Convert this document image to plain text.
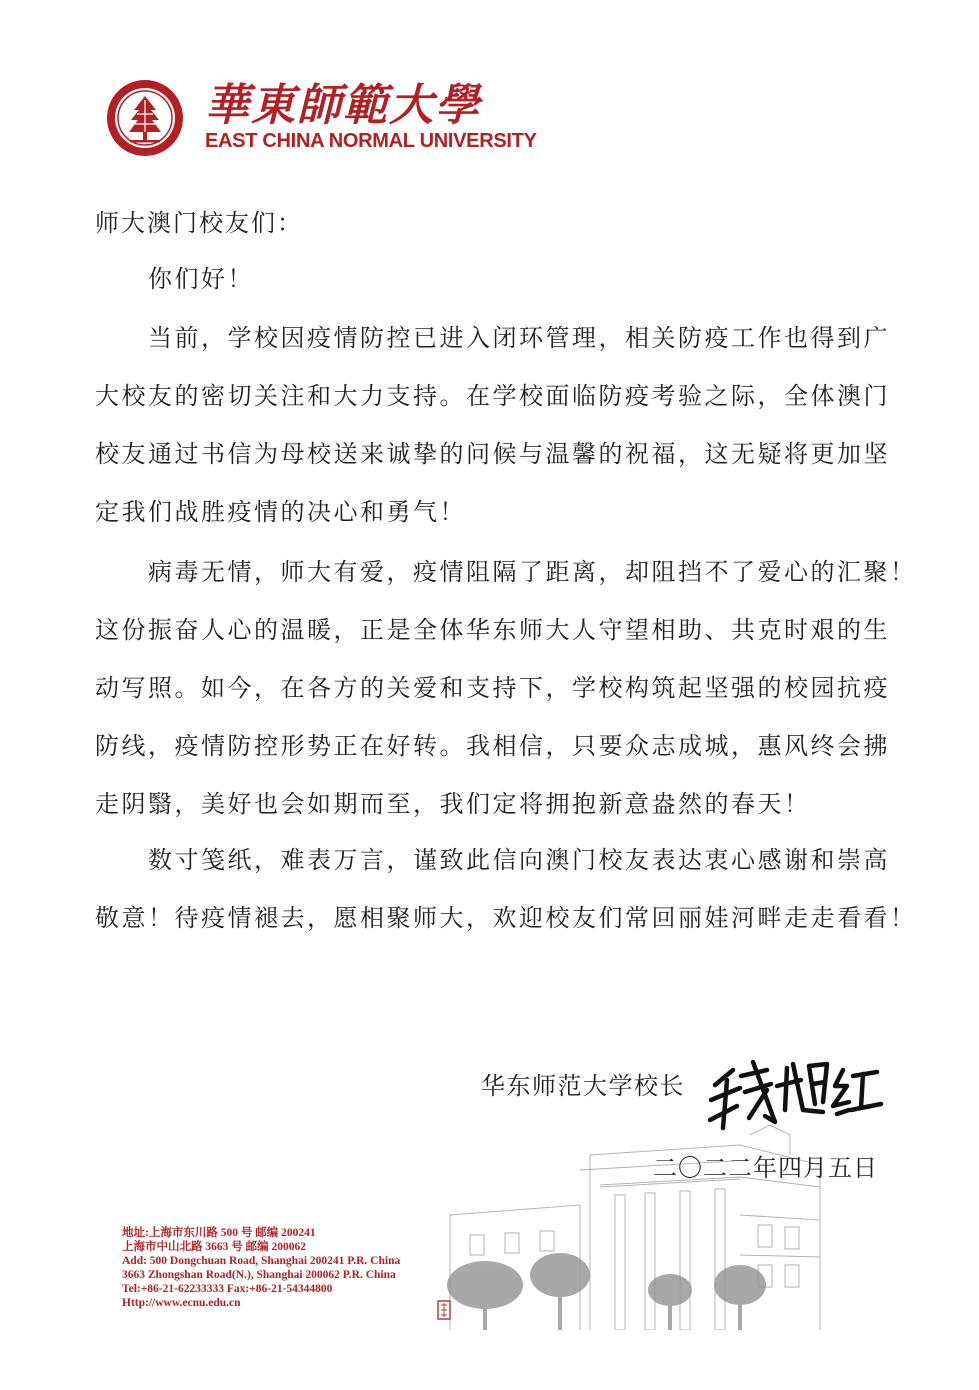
華東師範大學
EAST CHINA NORMAL UNIVERSITY
师大澳门校友们：
你们好！
当前，学校因疫情防控已进入闭环管理，相关防疫工作也得到广
大校友的密切关注和大力支持。在学校面临防疫考验之际，全体澳门
校友通过书信为母校送来诚挚的问候与温馨的祝福，这无疑将更加坚
定我们战胜疫情的决心和勇气！
病毒无情，师大有爱，疫情阻隔了距离，却阻挡不了爱心的汇聚！
这份振奋人心的温暖，正是全体华东师大人守望相助、共克时艰的生
动写照。如今，在各方的关爱和支持下，学校构筑起坚强的校园抗疫
防线，疫情防控形势正在好转。我相信，只要众志成城，惠风终会拂
走阴翳，美好也会如期而至，我们定将拥抱新意盎然的春天！
数寸笺纸，难表万言，谨致此信向澳门校友表达衷心感谢和崇高
敬意！待疫情褪去，愿相聚师大，欢迎校友们常回丽娃河畔走走看看！
华东师范大学校长
二〇二二年四月五日
地址:上海市东川路 500 号 邮编 200241
上海市中山北路 3663 号 邮编 200062
Add: 500 Dongchuan Road, Shanghai 200241 P.R. China
3663 Zhongshan Road(N.), Shanghai 200062 P.R. China
Tel:+86-21-62233333 Fax:+86-21-54344800
Http://www.ecnu.edu.cn
